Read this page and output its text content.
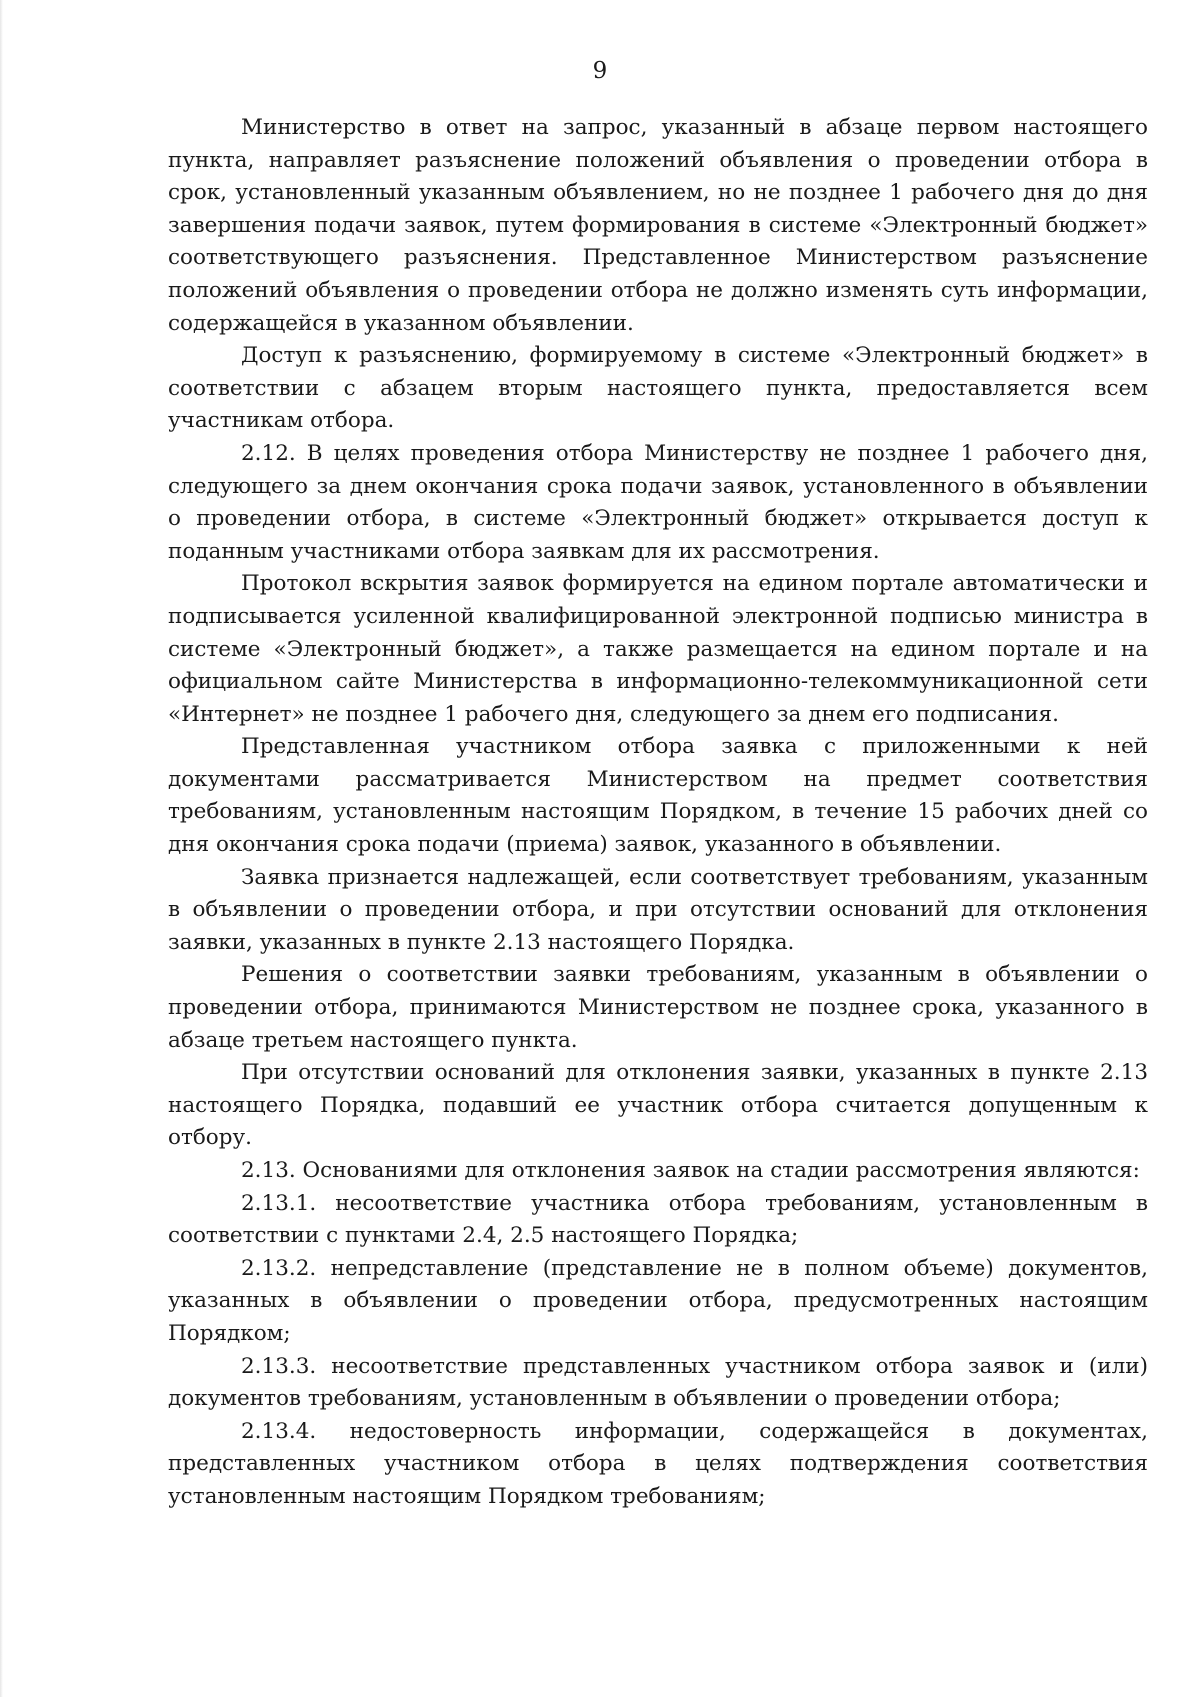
9

Министерство в ответ на запрос, указанный в абзаце первом настоящего пункта, направляет разъяснение положений объявления о проведении отбора в срок, установленный указанным объявлением, но не позднее 1 рабочего дня до дня завершения подачи заявок, путем формирования в системе «Электронный бюджет» соответствующего разъяснения. Представленное Министерством разъяснение положений объявления о проведении отбора не должно изменять суть информации, содержащейся в указанном объявлении.

Доступ к разъяснению, формируемому в системе «Электронный бюджет» в соответствии с абзацем вторым настоящего пункта, предоставляется всем участникам отбора.

2.12. В целях проведения отбора Министерству не позднее 1 рабочего дня, следующего за днем окончания срока подачи заявок, установленного в объявлении о проведении отбора, в системе «Электронный бюджет» открывается доступ к поданным участниками отбора заявкам для их рассмотрения.

Протокол вскрытия заявок формируется на едином портале автоматически и подписывается усиленной квалифицированной электронной подписью министра в системе «Электронный бюджет», а также размещается на едином портале и на официальном сайте Министерства в информационно-телекоммуникационной сети «Интернет» не позднее 1 рабочего дня, следующего за днем его подписания.

Представленная участником отбора заявка с приложенными к ней документами рассматривается Министерством на предмет соответствия требованиям, установленным настоящим Порядком, в течение 15 рабочих дней со дня окончания срока подачи (приема) заявок, указанного в объявлении.

Заявка признается надлежащей, если соответствует требованиям, указанным в объявлении о проведении отбора, и при отсутствии оснований для отклонения заявки, указанных в пункте 2.13 настоящего Порядка.

Решения о соответствии заявки требованиям, указанным в объявлении о проведении отбора, принимаются Министерством не позднее срока, указанного в абзаце третьем настоящего пункта.

При отсутствии оснований для отклонения заявки, указанных в пункте 2.13 настоящего Порядка, подавший ее участник отбора считается допущенным к отбору.

2.13. Основаниями для отклонения заявок на стадии рассмотрения являются:

2.13.1. несоответствие участника отбора требованиям, установленным в соответствии с пунктами 2.4, 2.5 настоящего Порядка;

2.13.2. непредставление (представление не в полном объеме) документов, указанных в объявлении о проведении отбора, предусмотренных настоящим Порядком;

2.13.3. несоответствие представленных участником отбора заявок и (или) документов требованиям, установленным в объявлении о проведении отбора;

2.13.4. недостоверность информации, содержащейся в документах, представленных участником отбора в целях подтверждения соответствия установленным настоящим Порядком требованиям;
